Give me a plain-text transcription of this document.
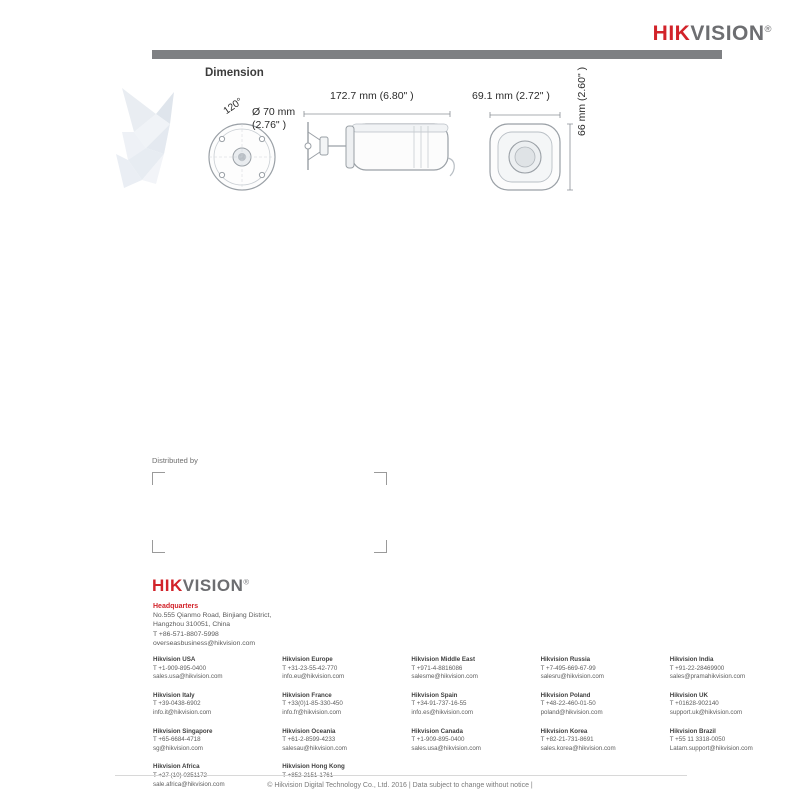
HIKVISION®
Dimension
120° Ø 70 mm
(2.76" )
172.7 mm (6.80" )	69.1 mm (2.72" ) 66 mm (2.60" )
Distributed by
HIKVISION®
Headquarters
No.555 Qianmo Road, Binjiang District,
Hangzhou 310051, China
T +86-571-8807-5998
overseasbusiness@hikvision.com
Hikvision USA
T +1-909-895-0400
sales.usa@hikvision.com
Hikvision Europe
T +31-23-55-42-770
info.eu@hikvision.com
Hikvision Middle East
T +971-4-8816086
salesme@hikvision.com
Hikvision Russia
T +7-495-669-67-99
salesru@hikvision.com
Hikvision India
T +91-22-28469900
sales@pramahikvision.com
Hikvision Italy
T +39-0438-6902
info.it@hikvision.com
Hikvision France
T +33(0)1-85-330-450
info.fr@hikvision.com
Hikvision Spain
T +34-91-737-16-55
info.es@hikvision.com
Hikvision Poland
T +48-22-460-01-50
poland@hikvision.com
Hikvision UK
T +01628-902140
support.uk@hikvision.com
Hikvision Singapore
T +65-6684-4718
sg@hikvision.com
Hikvision Oceania
T +61-2-8599-4233
salesau@hikvision.com
Hikvision Canada
T +1-909-895-0400
sales.usa@hikvision.com
Hikvision Korea
T +82-21-731-8691
sales.korea@hikvision.com
Hikvision Brazil
T +55 11 3318-0050
Latam.support@hikvision.com
Hikvision Africa
T +27 (10) 0351172
sale.africa@hikvision.com
Hikvision Hong Kong
T +852-2151-1761
© Hikvision Digital Technology Co., Ltd. 2016 | Data subject to change without notice |
